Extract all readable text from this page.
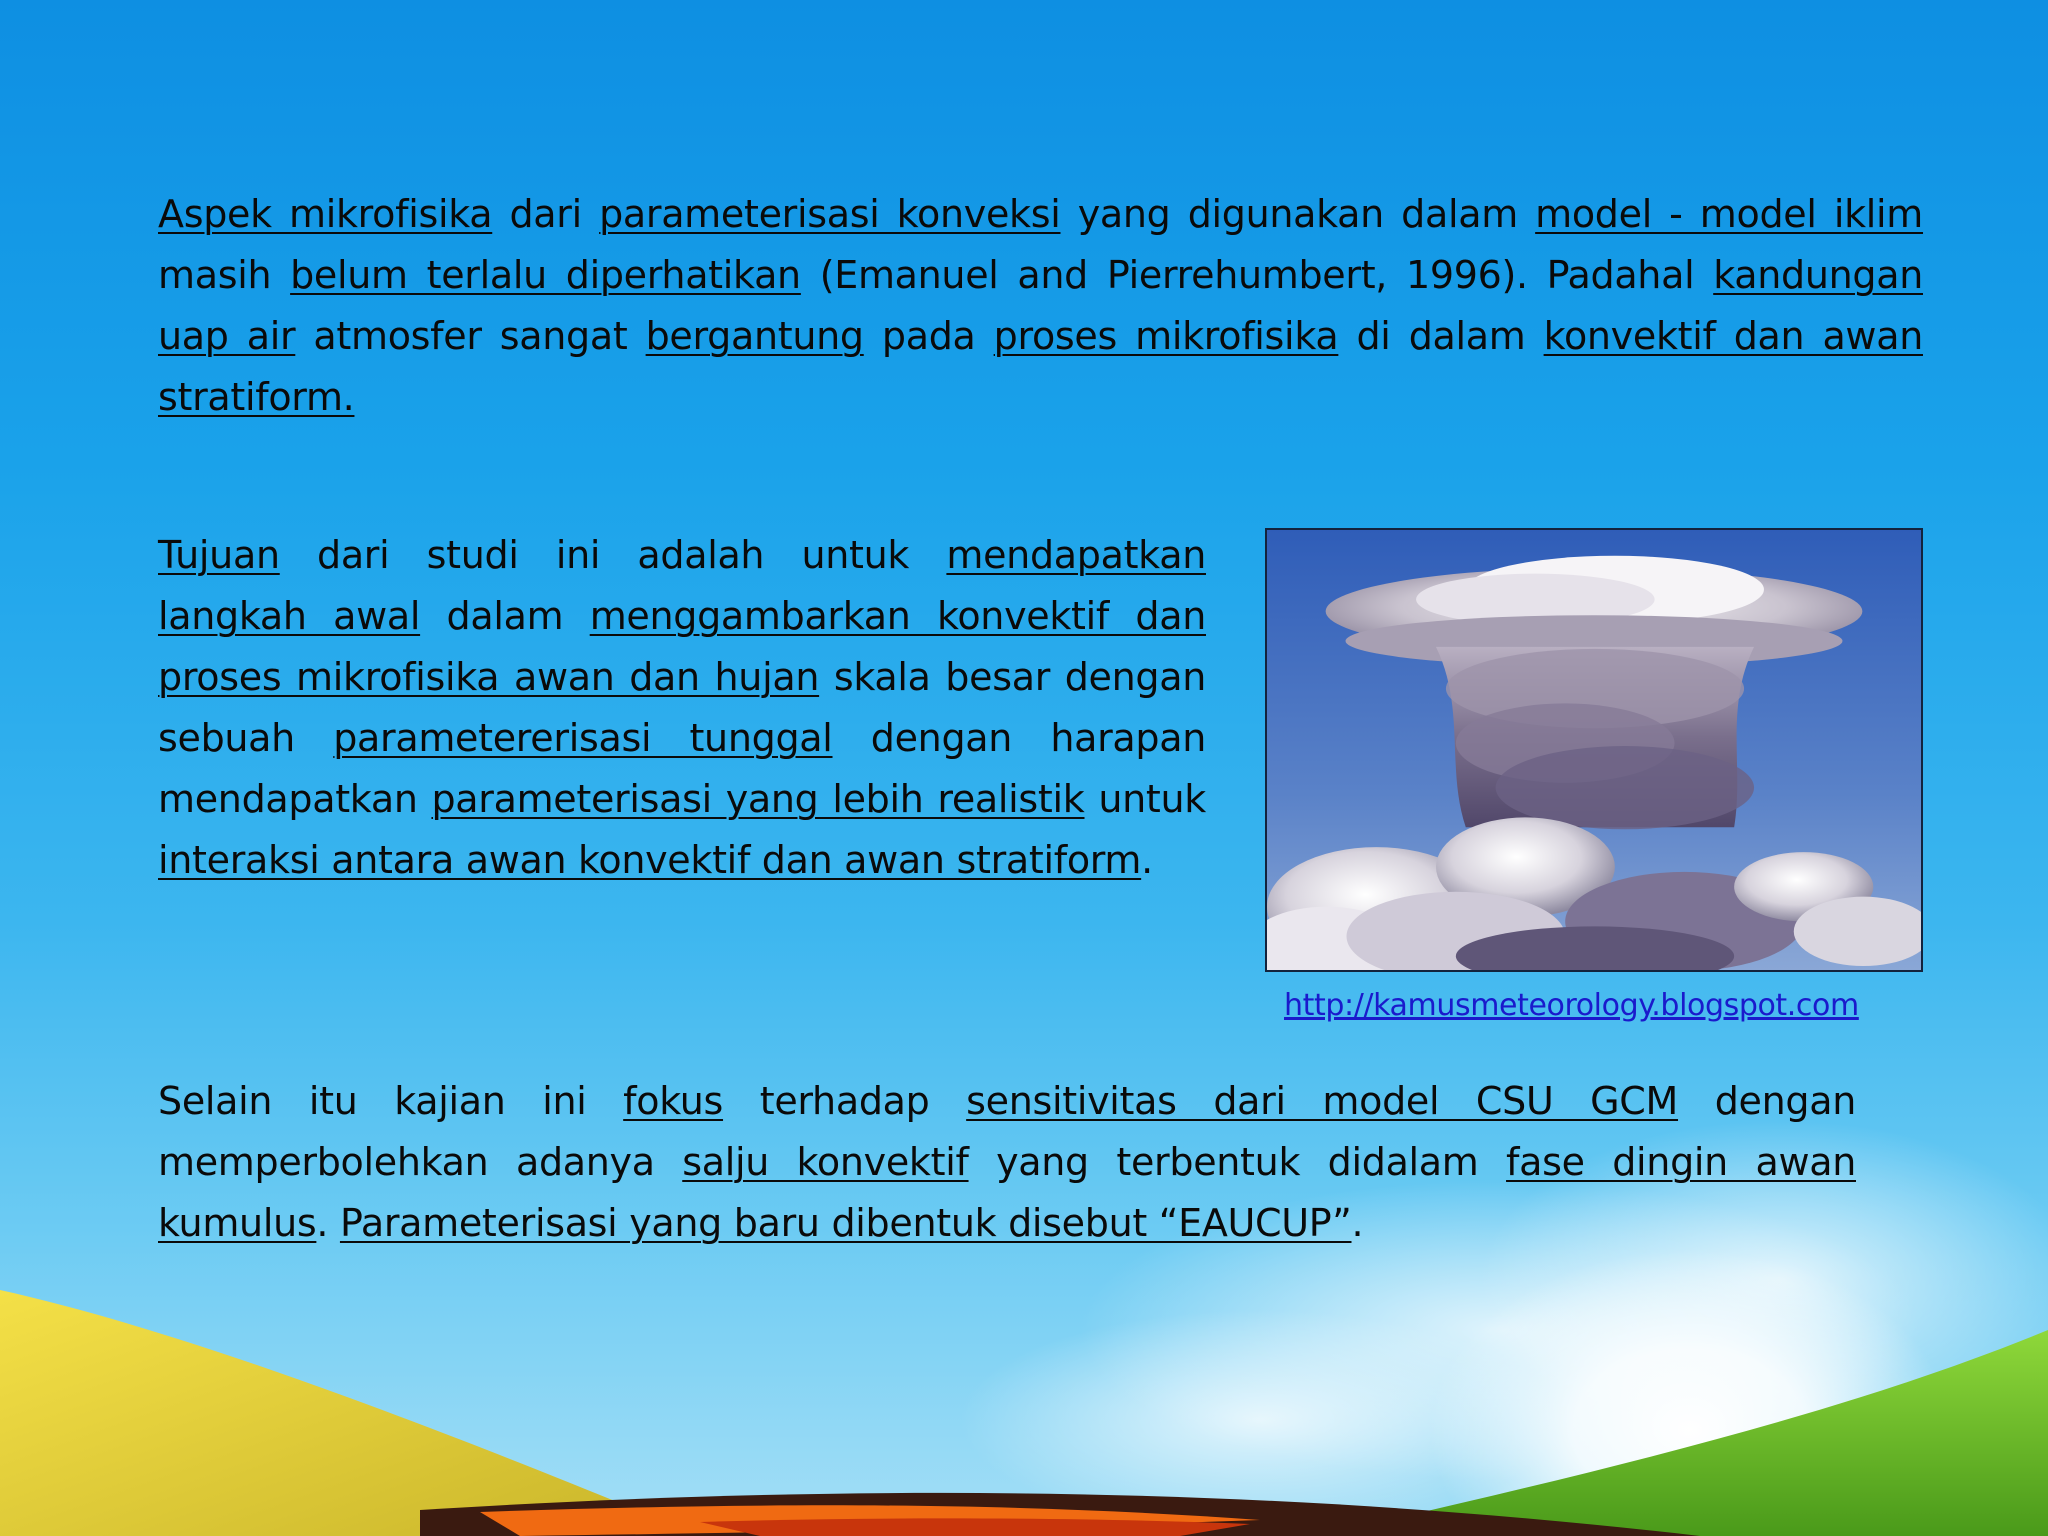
Aspek mikrofisika dari parameterisasi konveksi yang digunakan dalam model - model iklim masih belum terlalu diperhatikan (Emanuel and Pierrehumbert, 1996). Padahal kandungan uap air atmosfer sangat bergantung pada proses mikrofisika di dalam konvektif dan awan stratiform.

Tujuan dari studi ini adalah untuk mendapatkan langkah awal dalam menggambarkan konvektif dan proses mikrofisika awan dan hujan skala besar dengan sebuah parametererisasi tunggal dengan harapan mendapatkan parameterisasi yang lebih realistik untuk interaksi antara awan konvektif dan awan stratiform.

http://kamusmeteorology.blogspot.com

Selain itu kajian ini fokus terhadap sensitivitas dari model CSU GCM dengan memperbolehkan adanya salju konvektif yang terbentuk didalam fase dingin awan kumulus. Parameterisasi yang baru dibentuk disebut “EAUCUP”.
